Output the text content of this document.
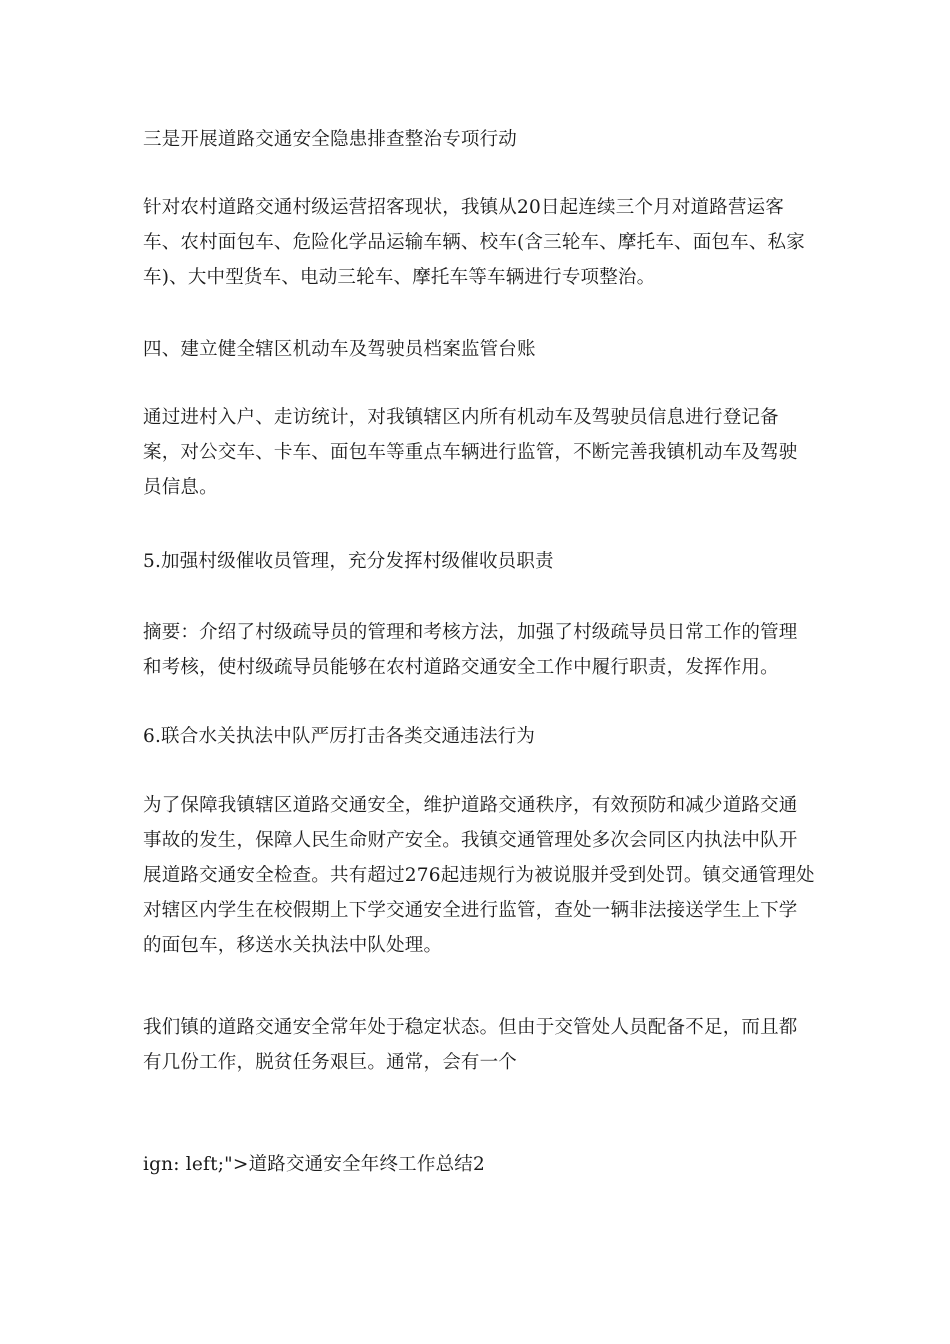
三是开展道路交通安全隐患排查整治专项行动

针对农村道路交通村级运营招客现状，我镇从20日起连续三个月对道路营运客车、农村面包车、危险化学品运输车辆、校车(含三轮车、摩托车、面包车、私家车)、大中型货车、电动三轮车、摩托车等车辆进行专项整治。

四、建立健全辖区机动车及驾驶员档案监管台账

通过进村入户、走访统计，对我镇辖区内所有机动车及驾驶员信息进行登记备案，对公交车、卡车、面包车等重点车辆进行监管，不断完善我镇机动车及驾驶员信息。

5.加强村级催收员管理，充分发挥村级催收员职责

摘要：介绍了村级疏导员的管理和考核方法，加强了村级疏导员日常工作的管理和考核，使村级疏导员能够在农村道路交通安全工作中履行职责，发挥作用。

6.联合水关执法中队严厉打击各类交通违法行为

为了保障我镇辖区道路交通安全，维护道路交通秩序，有效预防和减少道路交通事故的发生，保障人民生命财产安全。我镇交通管理处多次会同区内执法中队开展道路交通安全检查。共有超过276起违规行为被说服并受到处罚。镇交通管理处对辖区内学生在校假期上下学交通安全进行监管，查处一辆非法接送学生上下学的面包车，移送水关执法中队处理。

我们镇的道路交通安全常年处于稳定状态。但由于交管处人员配备不足，而且都有几份工作，脱贫任务艰巨。通常，会有一个

ign: left;">道路交通安全年终工作总结2
